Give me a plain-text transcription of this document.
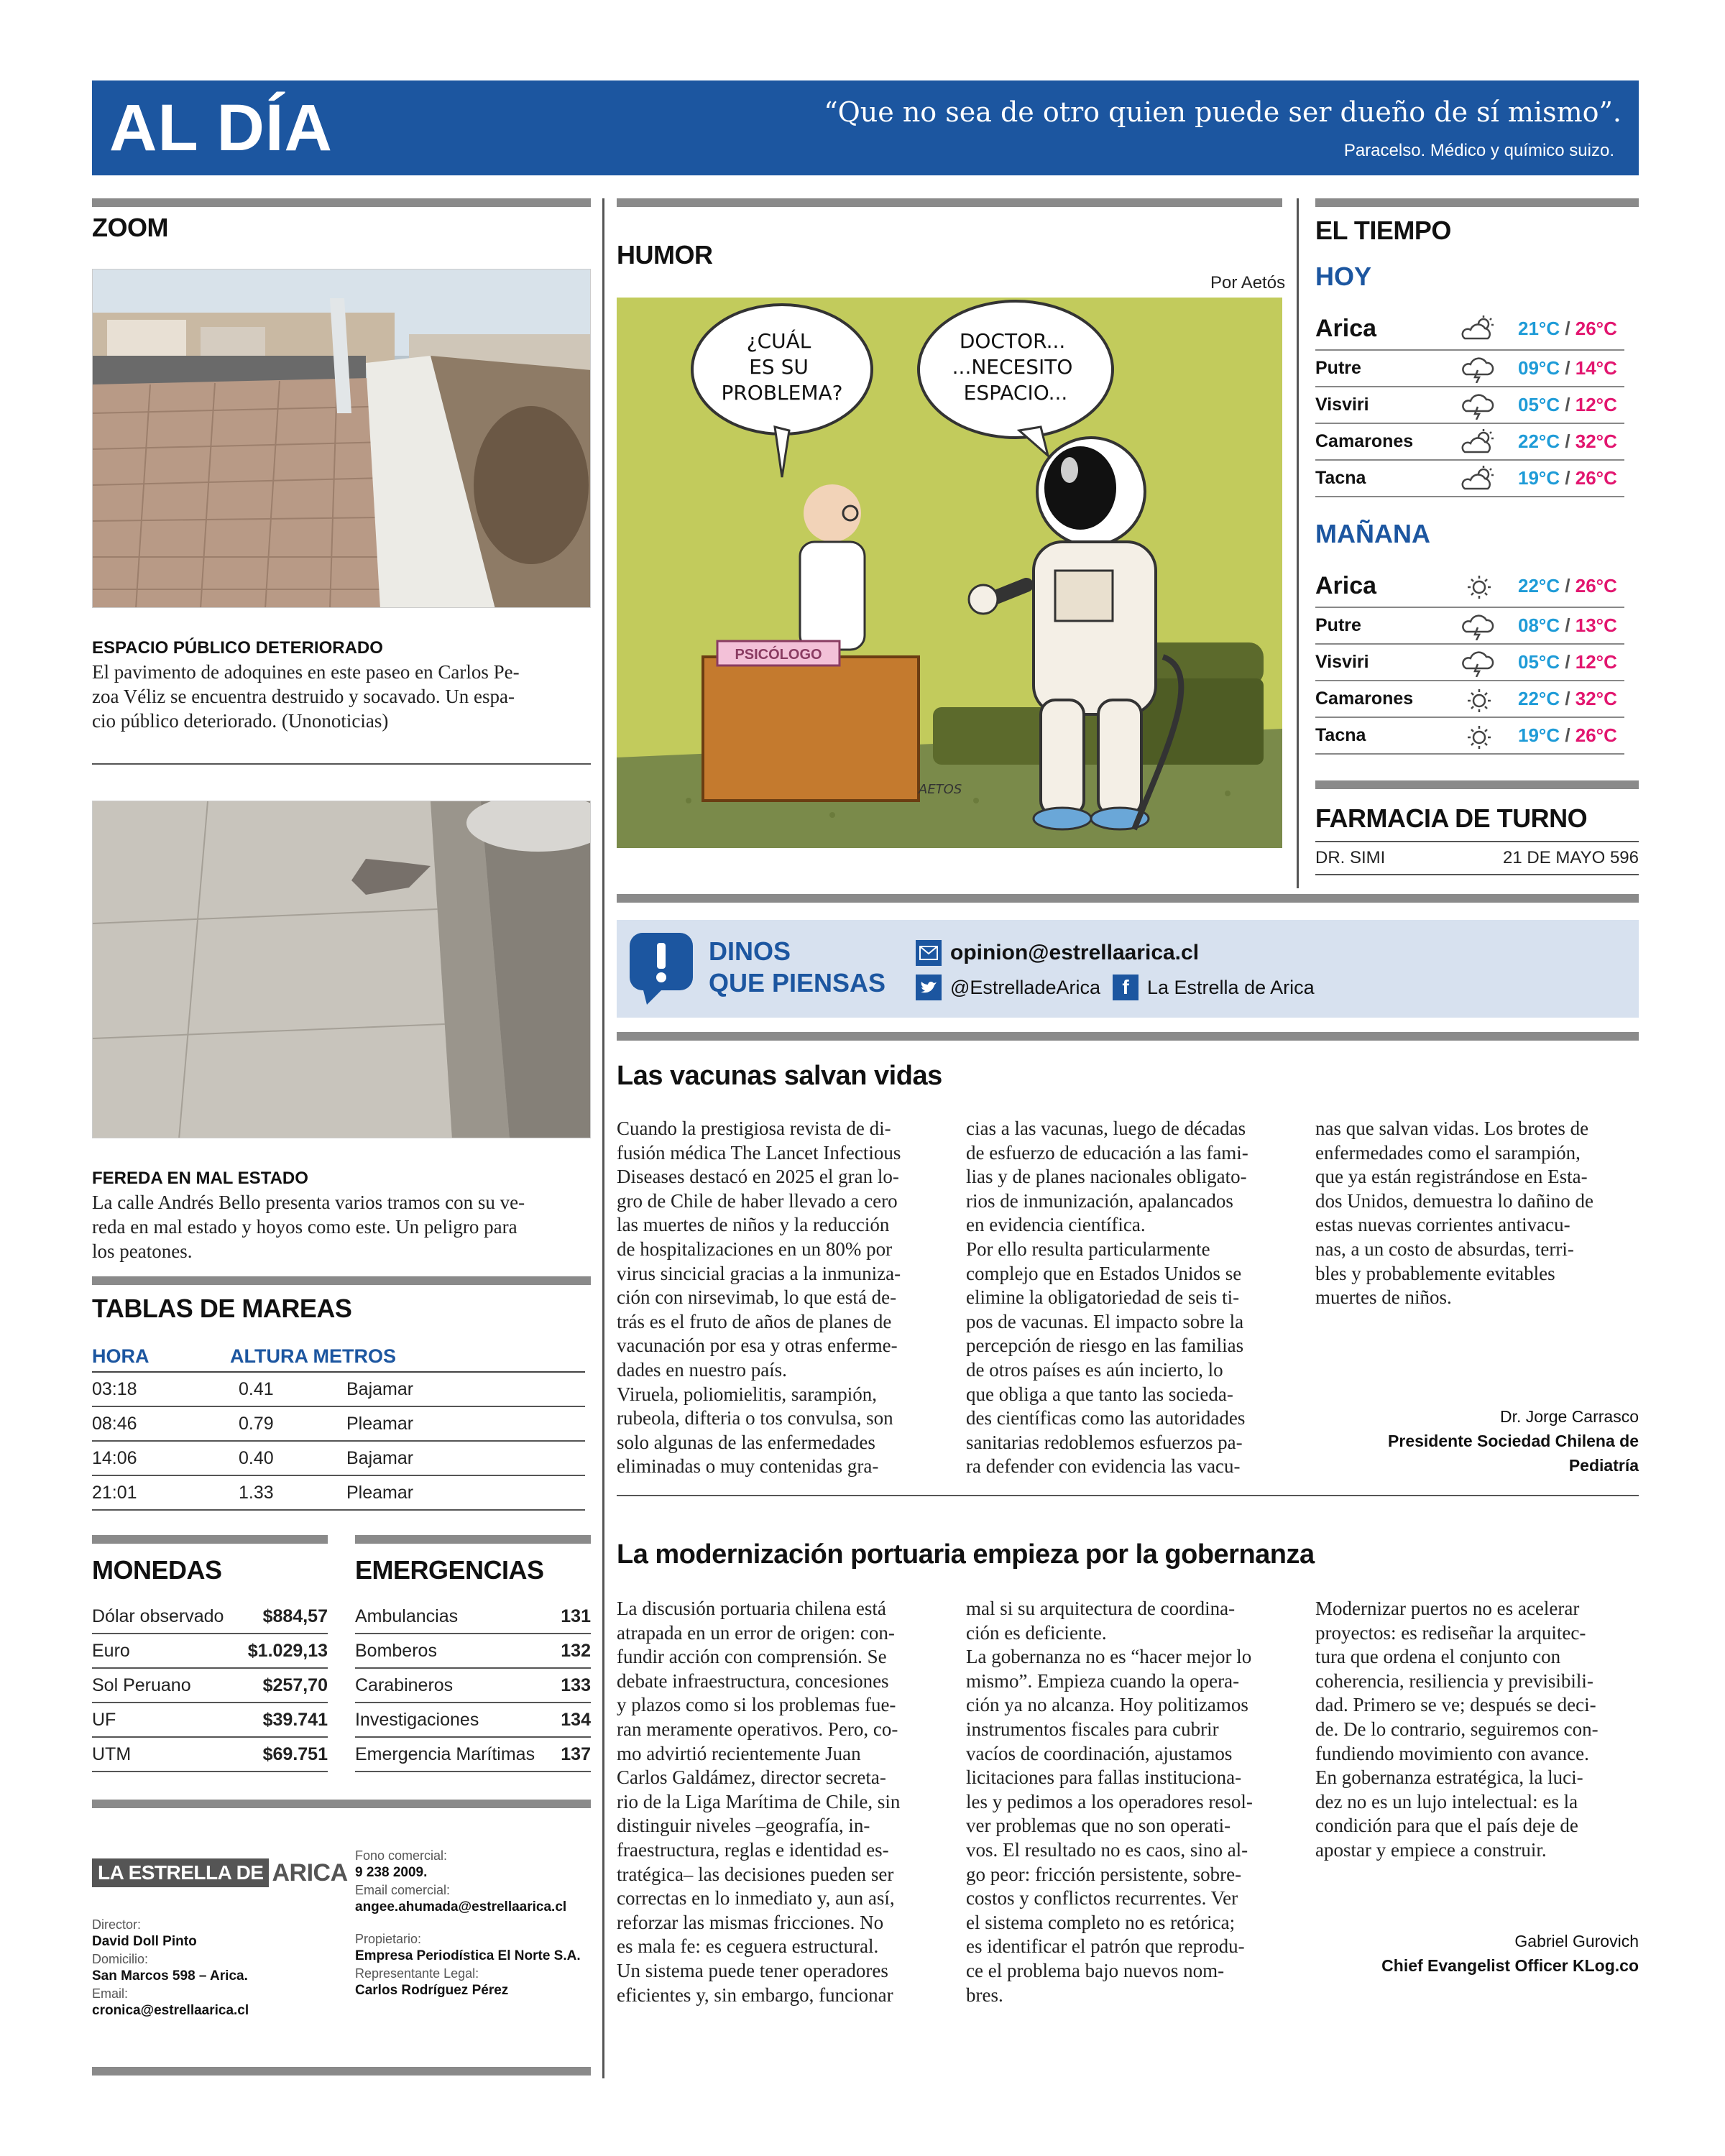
AL DÍA	“Que no sea de otro quien puede ser dueño de sí mismo”.
Paracelso. Médico y químico suizo.
ZOOM
ESPACIO PÚBLICO DETERIORADO
El pavimento de adoquines en este paseo en Carlos Pe-
zoa Véliz se encuentra destruido y socavado. Un espa-
cio público deteriorado. (Unonoticias)
FEREDA EN MAL ESTADO
La calle Andrés Bello presenta varios tramos con su ve-
reda en mal estado y hoyos como este. Un peligro para
los peatones.
TABLAS DE MAREAS
HORA	ALTURA METROS
03:18	0.41	Bajamar
08:46	0.79	Pleamar
14:06	0.40	Bajamar
21:01	1.33	Pleamar
MONEDAS
Dólar observado $884,57
Euro	$1.029,13
Sol Peruano	$257,70
UF	$39.741
UTM	$69.751
EMERGENCIAS
Ambulancias	131
Bomberos	132
Carabineros	133
Investigaciones	134
Emergencia Marítimas 137
LA ESTRELLA DE ARICA
Director:
David Doll Pinto
Domicilio:
San Marcos 598 – Arica.
Email:
cronica@estrellaarica.cl
Fono comercial:
9 238 2009.
Email comercial:
angee.ahumada@estrellaarica.cl
Propietario:
Empresa Periodística El Norte S.A.
Representante Legal:
Carlos Rodríguez Pérez
HUMOR
Por Aetós
PSICÓLOGO
¿CUÁL ES SU PROBLEMA?
DOCTOR... ...NECESITO ESPACIO...
AETOS
DINOS
QUE PIENSAS
opinion@estrellaarica.cl
@EstrelladeArica	f La Estrella de Arica
EL TIEMPO
HOY
Arica	21°C / 26°C
Putre	09°C / 14°C
Visviri	05°C / 12°C
Camarones	22°C / 32°C
Tacna	19°C / 26°C
MAÑANA
Arica	22°C / 26°C
Putre	08°C / 13°C
Visviri	05°C / 12°C
Camarones	22°C / 32°C
Tacna	19°C / 26°C
FARMACIA DE TURNO
DR. SIMI	21 DE MAYO 596
Las vacunas salvan vidas

Cuando la prestigiosa revista de di-

fusión médica The Lancet Infectious

Diseases destacó en 2025 el gran lo-

gro de Chile de haber llevado a cero

las muertes de niños y la reducción

de hospitalizaciones en un 80% por

virus sincicial gracias a la inmuniza-

ción con nirsevimab, lo que está de-

trás es el fruto de años de planes de

vacunación por esa y otras enferme-

dades en nuestro país.

Viruela, poliomielitis, sarampión,

rubeola, difteria o tos convulsa, son

solo algunas de las enfermedades

eliminadas o muy contenidas gra-

cias a las vacunas, luego de décadas

de esfuerzo de educación a las fami-

lias y de planes nacionales obligato-

rios de inmunización, apalancados

en evidencia científica.

Por ello resulta particularmente

complejo que en Estados Unidos se

elimine la obligatoriedad de seis ti-

pos de vacunas. El impacto sobre la

percepción de riesgo en las familias

de otros países es aún incierto, lo

que obliga a que tanto las socieda-

des científicas como las autoridades

sanitarias redoblemos esfuerzos pa-

ra defender con evidencia las vacu-

nas que salvan vidas. Los brotes de

enfermedades como el sarampión,

que ya están registrándose en Esta-

dos Unidos, demuestra lo dañino de

estas nuevas corrientes antivacu-

nas, a un costo de absurdas, terri-

bles y probablemente evitables

muertes de niños.

Dr. Jorge Carrasco
Presidente Sociedad Chilena de Pediatría
La modernización portuaria empieza por la gobernanza

La discusión portuaria chilena está

atrapada en un error de origen: con-

fundir acción con comprensión. Se

debate infraestructura, concesiones

y plazos como si los problemas fue-

ran meramente operativos. Pero, co-

mo advirtió recientemente Juan

Carlos Galdámez, director secreta-

rio de la Liga Marítima de Chile, sin

distinguir niveles –geografía, in-

fraestructura, reglas e identidad es-

tratégica– las decisiones pueden ser

correctas en lo inmediato y, aun así,

reforzar las mismas fricciones. No

es mala fe: es ceguera estructural.

Un sistema puede tener operadores

eficientes y, sin embargo, funcionar

mal si su arquitectura de coordina-

ción es deficiente.

La gobernanza no es “hacer mejor lo

mismo”. Empieza cuando la opera-

ción ya no alcanza. Hoy politizamos

instrumentos fiscales para cubrir

vacíos de coordinación, ajustamos

licitaciones para fallas instituciona-

les y pedimos a los operadores resol-

ver problemas que no son operati-

vos. El resultado no es caos, sino al-

go peor: fricción persistente, sobre-

costos y conflictos recurrentes. Ver

el sistema completo no es retórica;

es identificar el patrón que reprodu-

ce el problema bajo nuevos nom-

bres.

Modernizar puertos no es acelerar

proyectos: es rediseñar la arquitec-

tura que ordena el conjunto con

coherencia, resiliencia y previsibili-

dad. Primero se ve; después se deci-

de. De lo contrario, seguiremos con-

fundiendo movimiento con avance.

En gobernanza estratégica, la luci-

dez no es un lujo intelectual: es la

condición para que el país deje de

apostar y empiece a construir.

Gabriel Gurovich
Chief Evangelist Officer KLog.co
